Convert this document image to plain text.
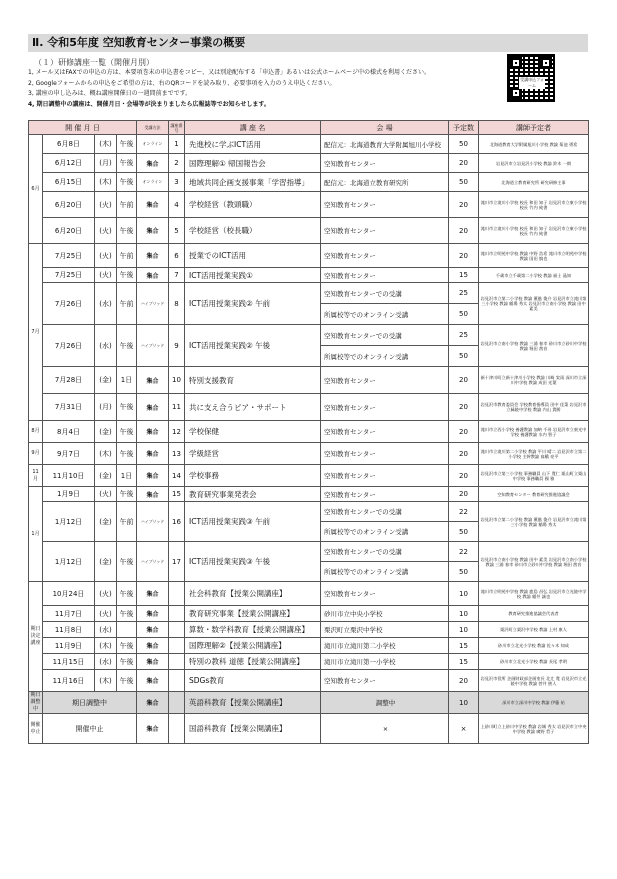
Ⅱ. 令和5年度 空知教育センター事業の概要
（１）研修講座一覧（開催月別）
1, メール又はFAXでの申込の方は、本要項巻末の申込書をコピー、又は別途配布する「申込書」あるいは公式ホームページ中の様式を利用ください。
2, Googleフォームからの申込をご希望の方は、右のQRコードを読み取り、必要事項を入力のうえ申込ください。
3, 講座の申し込みは、概ね講座開催日の一週間前までです。
4, 期日調整中の講座は、開催月日・会場等が決まりましたら広報誌等でお知らせします。
受講申込フォーム
開 催 月 日				受講方法	講座番号	講 座 名	会 場	予定数	講師予定者
6月	6月8日	(木)	午後	オンライン	1	先進校に学ぶICT活用	配信元：北海道教育大学附属旭川小学校	50	北海道教育大学附属旭川小学校 教諭 菊池 勇希
	6月12日	(月)	午後	集合	2	国際理解① 帰国報告会	空知教育センター	20	岩見沢市立岩見沢小学校 教諭 鈴木 一朗
	6月15日	(木)	午後	オンライン	3	地域共同企画支援事業「学習指導」	配信元：北海道立教育研究所	50	北海道立教育研究所 研究研修主事
	6月20日	(火)	午前	集合	4	学校経営（教頭職）	空知教育センター	20	滝川市立滝川小学校 校長 和田 知子 岩見沢市立東小学校 校長 竹内 純書
	6月20日	(火)	午後	集合	5	学校経営（校長職）	空知教育センター	20	滝川市立滝川小学校 校長 和田 知子 岩見沢市立東小学校 校長 竹内 純書
7月	7月25日	(火)	午前	集合	6	授業でのICT活用	空知教育センター	20	滝川市立明苑中学校 教諭 中野 浩希 滝川市立明苑中学校 教諭 国田 慎也
	7月25日	(火)	午後	集合	7	ICT活用授業実践①	空知教育センター	15	千歳市立千歳第二小学校 教諭 福士 晶知
	7月26日	(水)	午前	ハイブリッド	8	ICT活用授業実践② 午前	空知教育センターでの受講	25	岩見沢市立第二小学校 教諭 薫風 俊介 岩見沢市立滝川第三小学校 教諭 稲場 秀太 岩見沢市立南小学校 教諭 田中 素美
							所属校等でのオンライン受講	50	
	7月26日	(水)	午後	ハイブリッド	9	ICT活用授業実践② 午後	空知教育センターでの受講	25	岩見沢市立南小学校 教諭 三浦 春幸 砂川市立砂川中学校 教諭 堀田 茜音
							所属校等でのオンライン受講	50	
	7月28日	(金)	1日	集合	10	特別支援教育	空知教育センター	20	新十津川町立新十津川小学校 教諭 川崎 実雨 深川市立深川中学校 教諭 成田 光葉
	7月31日	(月)	午後	集合	11	共に支え合うピア・サポート	空知教育センター	20	岩見沢市教育委員会 学校教育指導員 田中 佳菜 岩見沢市立緑陵中学校 教諭 内山 貴勝
8月	8月4日	(金)	午後	集合	12	学校保健	空知教育センター	20	滝川市立西小学校 養護教諭 加納 千尋 岩見沢市立東光中学校 養護教諭 水内 智子
9月	9月7日	(木)	午後	集合	13	学級経営	空知教育センター	20	滝川市立滝川第二小学校 教諭 平川 晴二 岩見沢市立第二小学校 主幹教諭 髙橋 亮平
11月	11月10日	(金)	1日	集合	14	学校事務	空知教育センター	20	岩見沢市立第三小学校 事務職員 山下 寛仁 栗山町立栗山中学校 事務職員 國 雅
1月	1月9日	(火)	午後	集合	15	教育研究事業発表会	空知教育センター	20	空知教育センター 教育研究推進協議会
	1月12日	(金)	午前	ハイブリッド	16	ICT活用授業実践③ 午前	空知教育センターでの受講	22	岩見沢市立第二小学校 教諭 薫風 俊介 岩見沢市立滝川第三小学校 教諭 稲場 秀太
							所属校等でのオンライン受講	50	
	1月12日	(金)	午後	ハイブリッド	17	ICT活用授業実践③ 午後	空知教育センターでの受講	22	岩見沢市立南小学校 教諭 田中 素美 岩見沢市立南小学校 教諭 三浦 春幸 砂川市立砂川中学校 教諭 堀田 茜音
							所属校等でのオンライン受講	50	
期日決定講座	10月24日	(火)	午後	集合		社会科教育【授業公開講座】	空知教育センター	10	滝川市立明苑中学校 教諭 鹿島 昌弘 岩見沢市立光陵中学校 教諭 稲井 誠也
	11月7日	(火)	午後	集合		教育研究事業【授業公開講座】	砂川市立中央小学校	10	教育研究推進協議会代表者
	11月8日	(水)		集合		算数・数学科教育【授業公開講座】	栗沢町立栗沢中学校	10	栗沢町立栗沢中学校 教諭 上村 康人
	11月9日	(木)	午後	集合		国際理解②【授業公開講座】	滝川市立滝川第二小学校	15	砂川市立北光小学校 教諭 佐々木 知成
	11月15日	(水)	午後	集合		特別の教科 道徳【授業公開講座】	滝川市立滝川第一小学校	15	砂川市立北光小学校 教諭 長尾 孝明
	11月16日	(木)	午後	集合		SDGs教育	空知教育センター	20	岩見沢市役所 企画財政部企画室長 北辻 寛 岩見沢市立光陵中学校 教諭 菅井 綾人
期日調整中	期日調整中			集合		英語科教育【授業公開講座】	調整中	10	深川市立深川中学校 教諭 伊藤 祐
開催中止	開催中止			集合		国語科教育【授業公開講座】	×	×	上砂川町立上砂川中学校 教諭 岩城 秀太 岩見沢市立中央中学校 教諭 廣野 哲子
